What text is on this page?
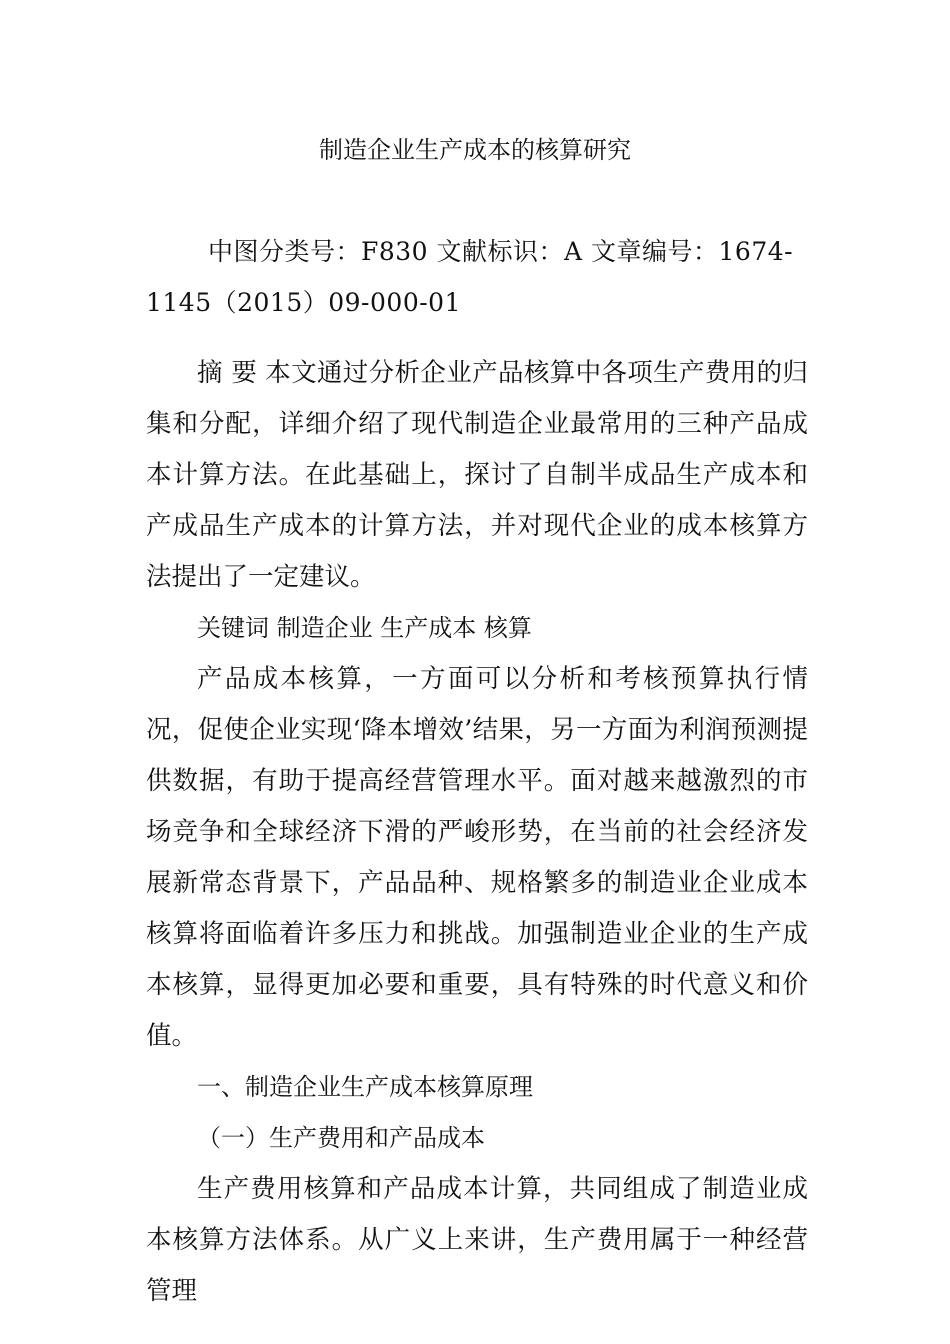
制造企业生产成本的核算研究
中图分类号：F830 文献标识：A 文章编号：1674-
1145（2015）09-000-01

摘 要 本文通过分析企业产品核算中各项生产费用的归集和分配，详细介绍了现代制造企业最常用的三种产品成本计算方法。在此基础上，探讨了自制半成品生产成本和产成品生产成本的计算方法，并对现代企业的成本核算方法提出了一定建议。

关键词 制造企业 生产成本 核算

产品成本核算，一方面可以分析和考核预算执行情况，促使企业实现‘降本增效’结果，另一方面为利润预测提供数据，有助于提高经营管理水平。面对越来越激烈的市场竞争和全球经济下滑的严峻形势，在当前的社会经济发展新常态背景下，产品品种、规格繁多的制造业企业成本核算将面临着许多压力和挑战。加强制造业企业的生产成本核算，显得更加必要和重要，具有特殊的时代意义和价值。

一、制造企业生产成本核算原理

（一）生产费用和产品成本

生产费用核算和产品成本计算，共同组成了制造业成本核算方法体系。从广义上来讲，生产费用属于一种经营管理
